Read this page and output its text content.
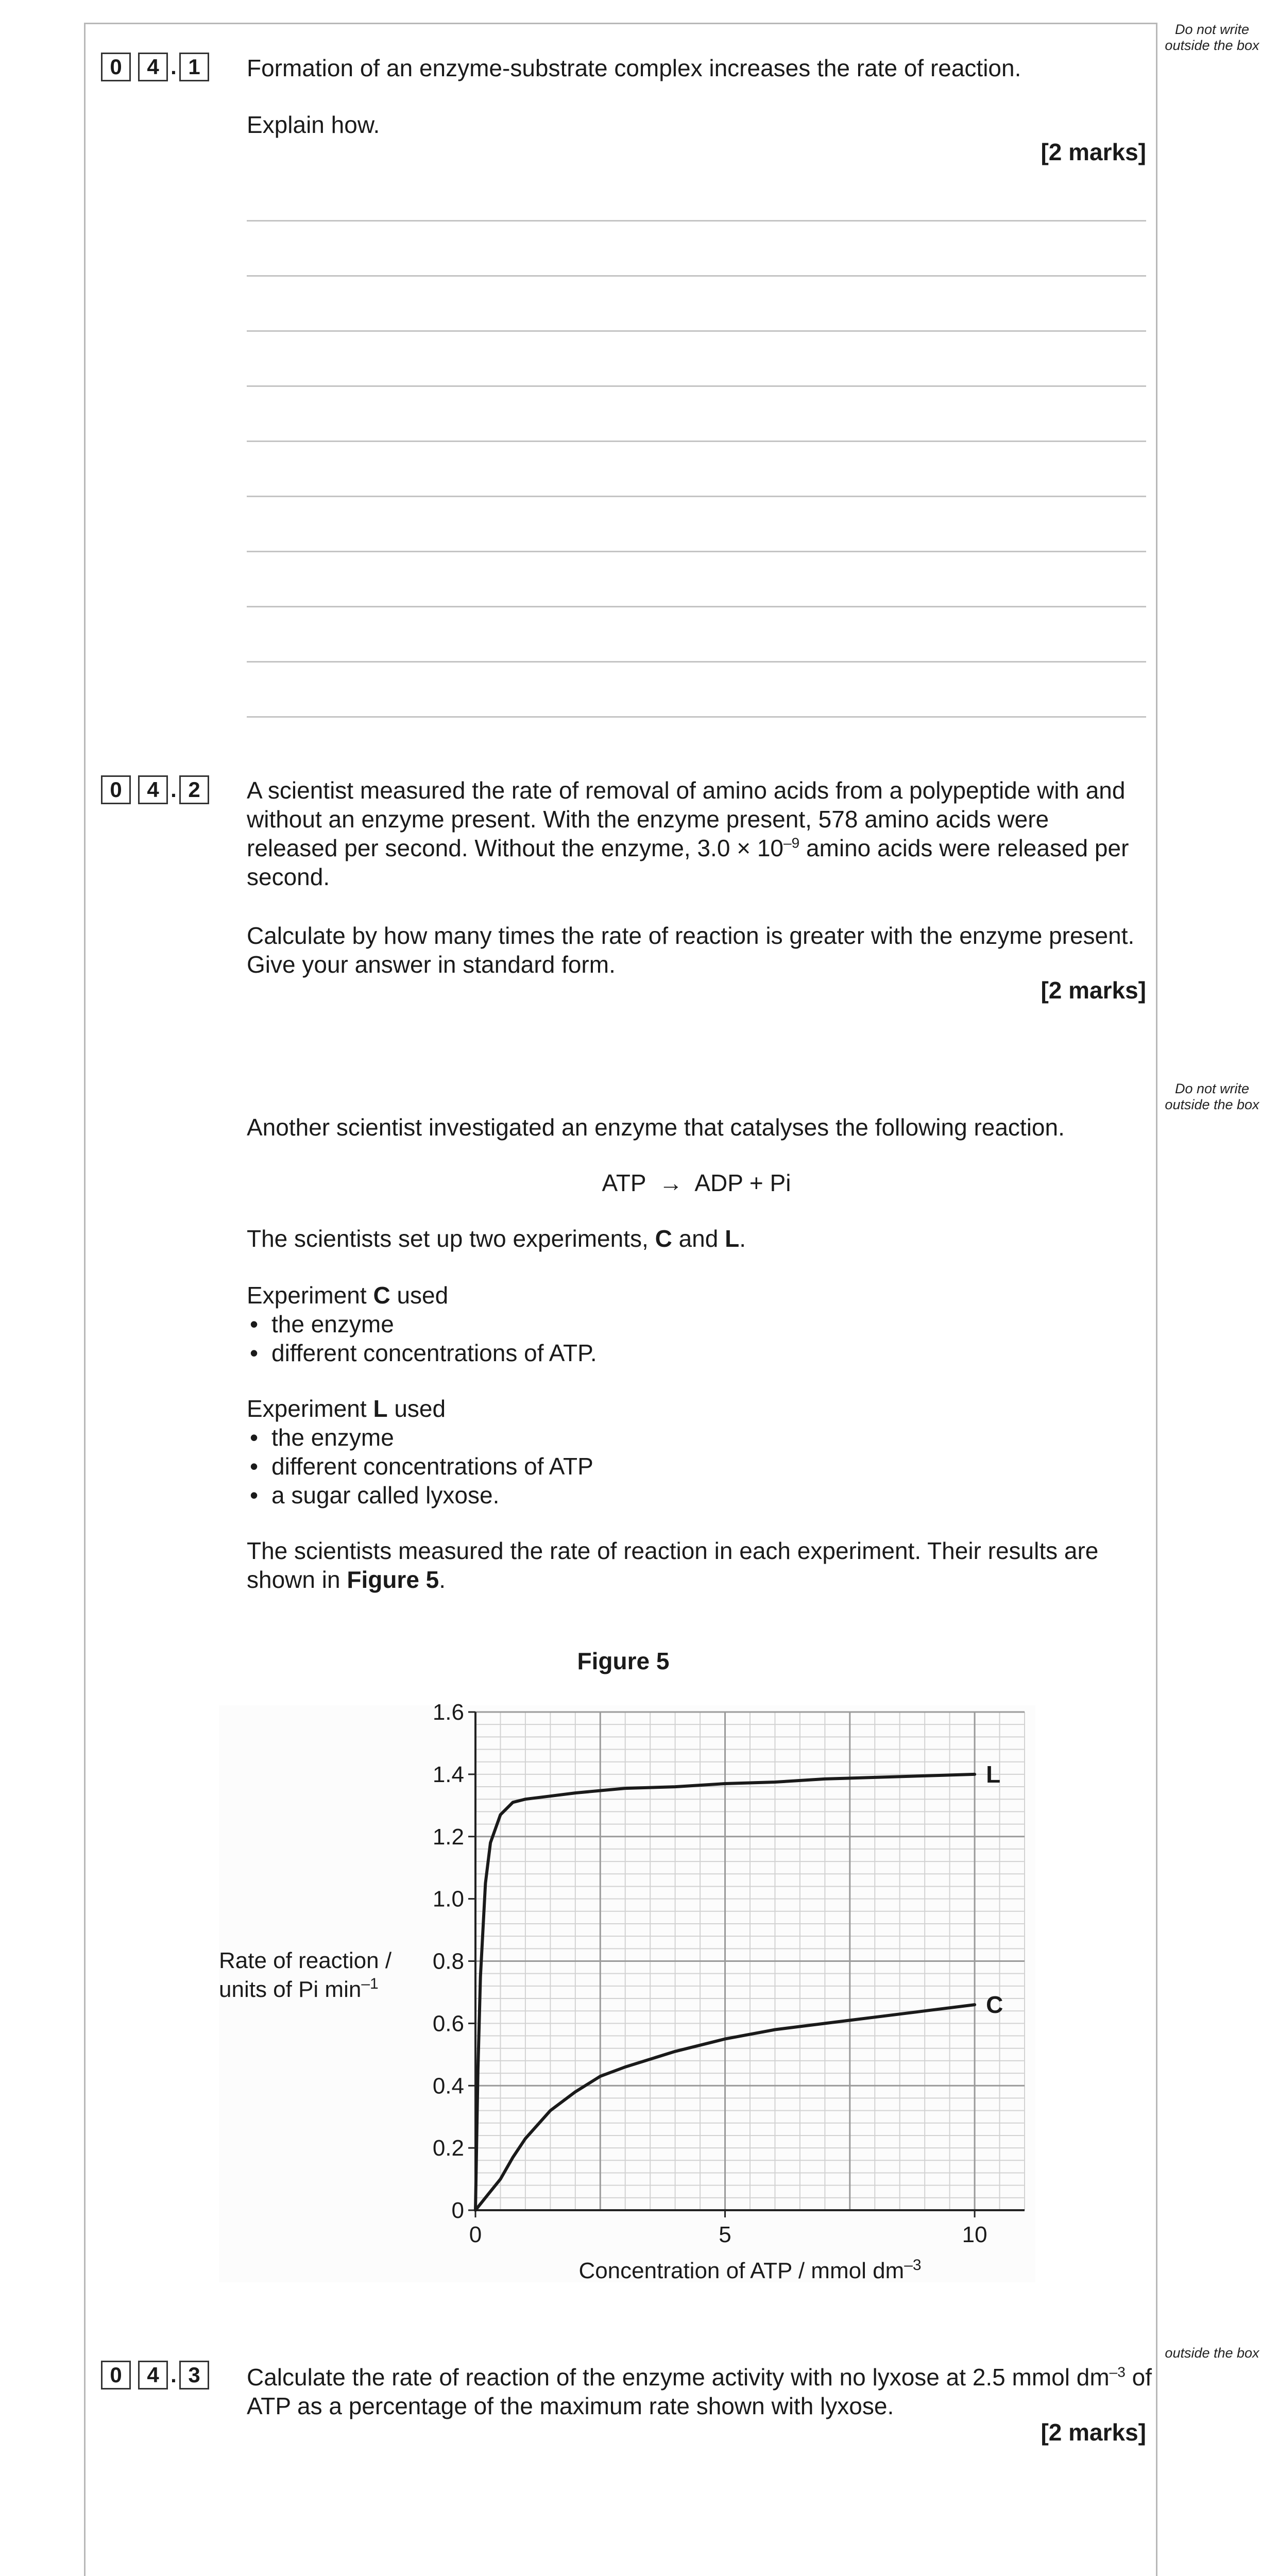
Do not write outside the box
Do not write outside the box
outside the box
0	4 . 1	Formation of an enzyme-substrate complex increases the rate of reaction.
Explain how.
[2 marks]
0	4 . 2	A scientist measured the rate of removal of amino acids from a polypeptide with and without an enzyme present. With the enzyme present, 578 amino acids were released per second. Without the enzyme, $3.0 \times 10^{-9}$ amino acids were released per second.
Calculate by how many times the rate of reaction is greater with the enzyme present.
Give your answer in standard form.
[2 marks]
Another scientist investigated an enzyme that catalyses the following reaction.
ATP  →  ADP + Pi
The scientists set up two experiments, C and L.
Experiment C used
• the enzyme
• different concentrations of ATP.
Experiment L used
• the enzyme
• different concentrations of ATP
• a sugar called lyxose.
The scientists measured the rate of reaction in each experiment. Their results are shown in Figure 5.
Figure 5
0
0.2
0.4
0.6
0.8
1.0
1.2
1.4
1.6
0	5	10
L
C
Concentration of ATP / mmol $dm^{-3}$
Rate of reaction / units of Pi $\min^{-1}$
0	4 . 3	Calculate the rate of reaction of the enzyme activity with no lyxose at 2.5 mmol $dm^{-3}$ of ATP as a percentage of the maximum rate shown with lyxose.
[2 marks]
